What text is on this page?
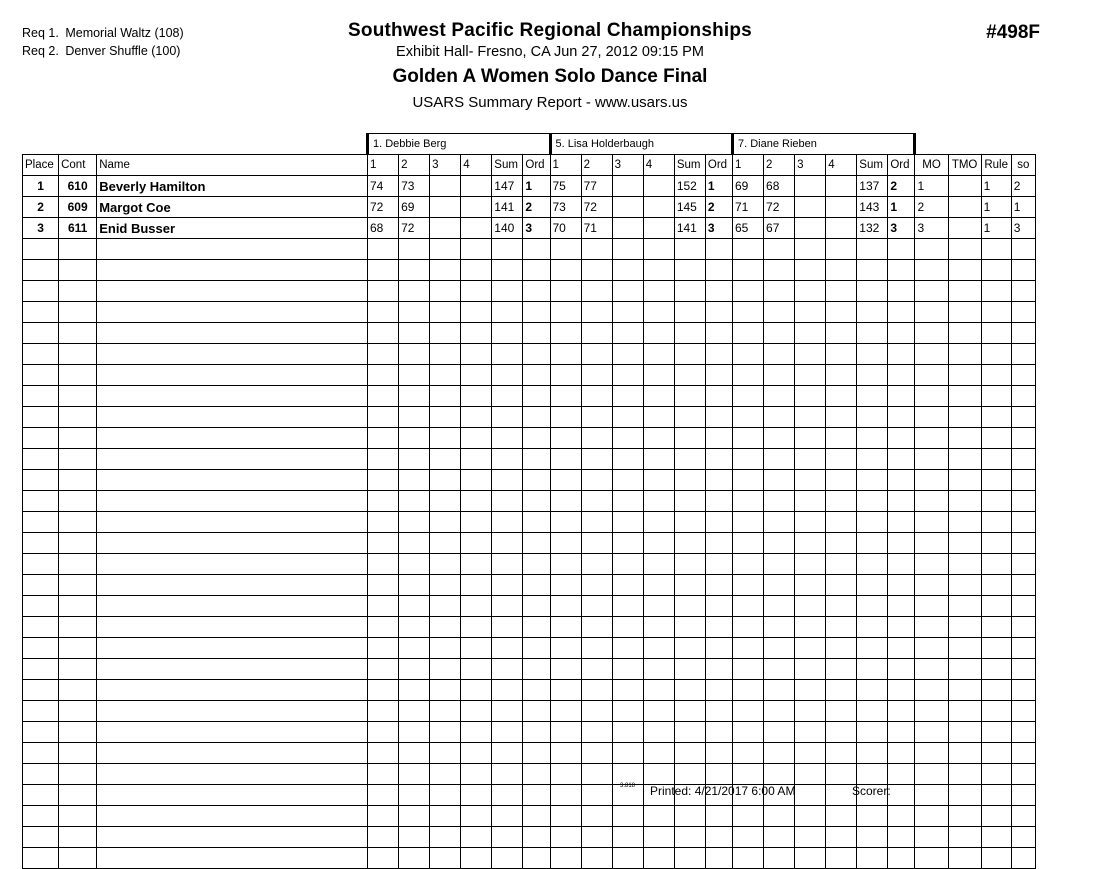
Req 1. Memorial Waltz (108)
Req 2. Denver Shuffle (100)
Southwest Pacific Regional Championships
Exhibit Hall- Fresno, CA Jun 27, 2012 09:15 PM
Golden A Women Solo Dance Final
USARS Summary Report - www.usars.us
#498F
			1. Debbie Berg						5. Lisa Holderbaugh						7. Diane Rieben									
Place	Cont	Name	1	2	3	4	Sum	Ord	1	2	3	4	Sum	Ord	1	2	3	4	Sum	Ord	MO	TMO	Rule	so
1	610	Beverly Hamilton	74	73			147	1	75	77			152	1	69	68			137	2	1		1	2
2	609	Margot Coe	72	69			141	2	73	72			145	2	71	72			143	1	2		1	1
3	611	Enid Busser	68	72			140	3	70	71			141	3	65	67			132	3	3		1	3

3.818 Printed: 4/21/2017 6:00 AM	Scorer:
